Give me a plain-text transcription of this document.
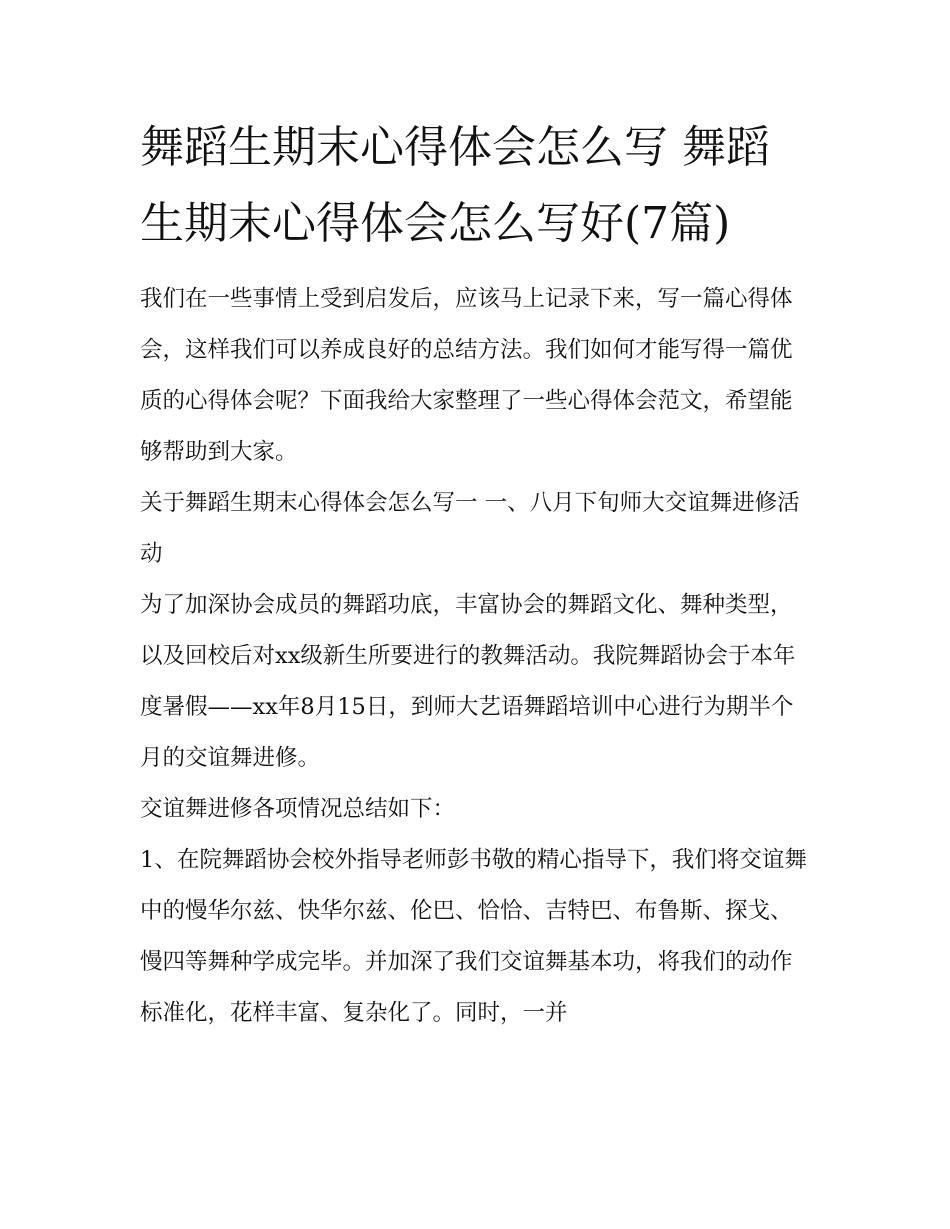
舞蹈生期末心得体会怎么写 舞蹈生期末心得体会怎么写好(7篇)

我们在一些事情上受到启发后，应该马上记录下来，写一篇心得体会，这样我们可以养成良好的总结方法。我们如何才能写得一篇优质的心得体会呢？下面我给大家整理了一些心得体会范文，希望能够帮助到大家。

关于舞蹈生期末心得体会怎么写一 一、八月下旬师大交谊舞进修活动

为了加深协会成员的舞蹈功底，丰富协会的舞蹈文化、舞种类型，以及回校后对xx级新生所要进行的教舞活动。我院舞蹈协会于本年度暑假——xx年8月15日，到师大艺语舞蹈培训中心进行为期半个月的交谊舞进修。

交谊舞进修各项情况总结如下：

1、在院舞蹈协会校外指导老师彭书敬的精心指导下，我们将交谊舞中的慢华尔兹、快华尔兹、伦巴、恰恰、吉特巴、布鲁斯、探戈、慢四等舞种学成完毕。并加深了我们交谊舞基本功，将我们的动作标准化，花样丰富、复杂化了。同时，一并
